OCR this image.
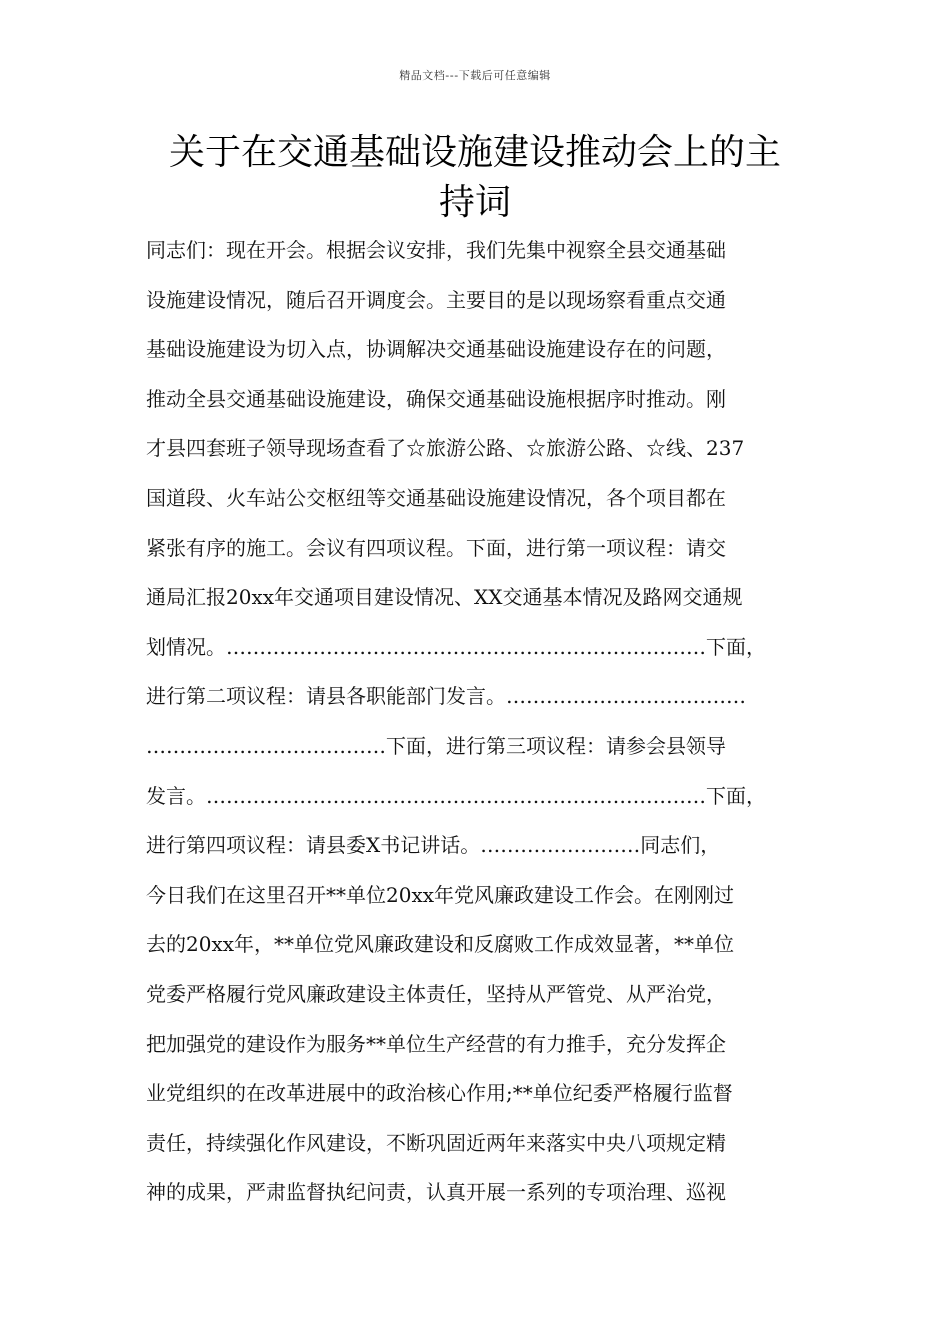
精品文档---下载后可任意编辑
关于在交通基础设施建设推动会上的主
持词
同志们：现在开会。根据会议安排，我们先集中视察全县交通基础
设施建设情况，随后召开调度会。主要目的是以现场察看重点交通
基础设施建设为切入点，协调解决交通基础设施建设存在的问题，
推动全县交通基础设施建设，确保交通基础设施根据序时推动。刚
才县四套班子领导现场查看了☆旅游公路、☆旅游公路、☆线、237
国道段、火车站公交枢纽等交通基础设施建设情况，各个项目都在
紧张有序的施工。会议有四项议程。下面，进行第一项议程：请交
通局汇报20xx年交通项目建设情况、XX交通基本情况及路网交通规
划情况。………………………………………………………………下面，
进行第二项议程：请县各职能部门发言。………………………………
………………………………下面，进行第三项议程：请参会县领导
发言。…………………………………………………………………下面，
进行第四项议程：请县委X书记讲话。……………………同志们，
今日我们在这里召开**单位20xx年党风廉政建设工作会。在刚刚过
去的20xx年，**单位党风廉政建设和反腐败工作成效显著，**单位
党委严格履行党风廉政建设主体责任，坚持从严管党、从严治党，
把加强党的建设作为服务**单位生产经营的有力推手，充分发挥企
业党组织的在改革进展中的政治核心作用;**单位纪委严格履行监督
责任，持续强化作风建设，不断巩固近两年来落实中央八项规定精
神的成果，严肃监督执纪问责，认真开展一系列的专项治理、巡视
